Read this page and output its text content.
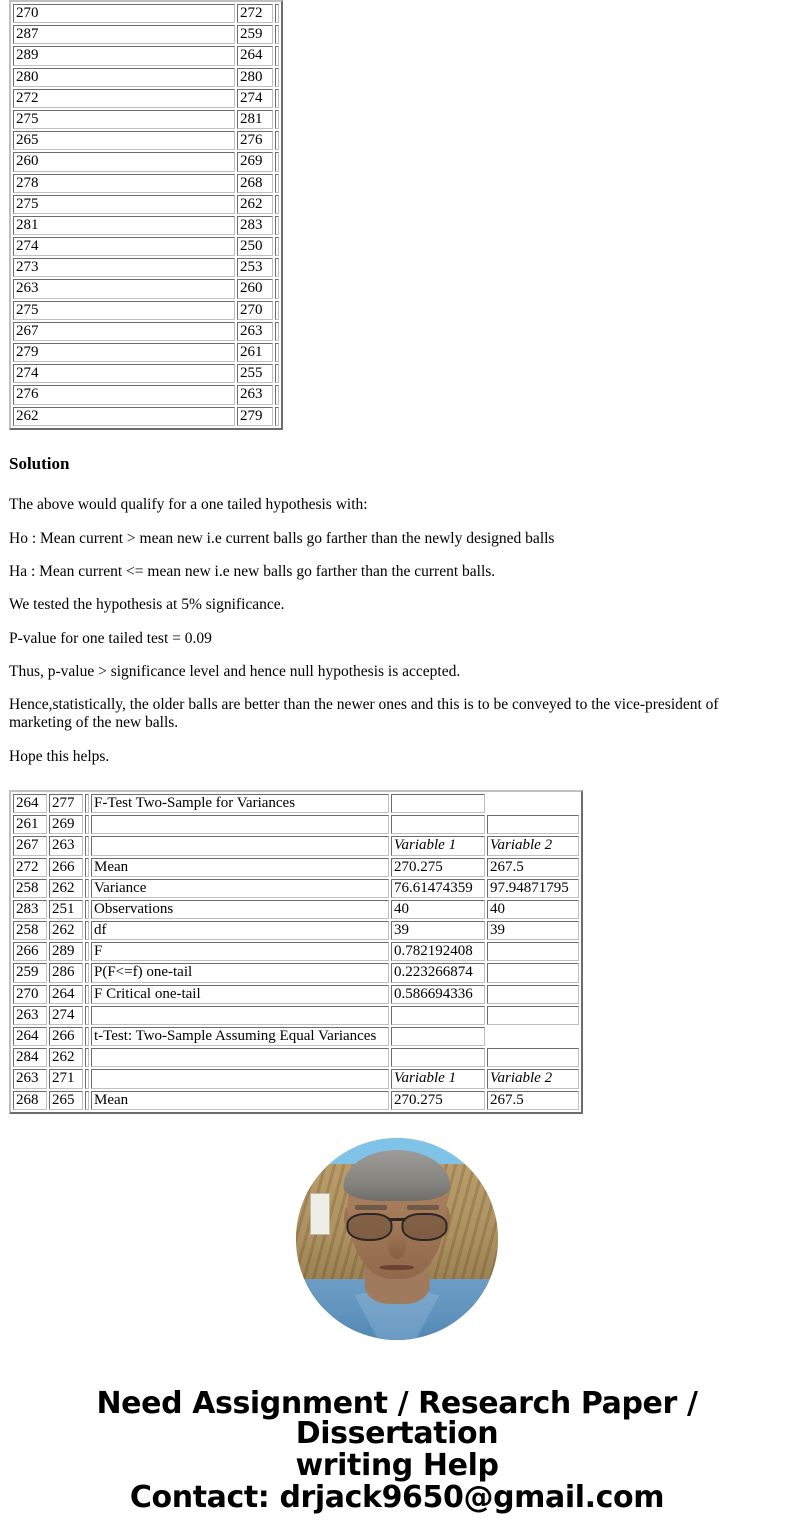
270	272	
287	259	
289	264	
280	280	
272	274	
275	281	
265	276	
260	269	
278	268	
275	262	
281	283	
274	250	
273	253	
263	260	
275	270	
267	263	
279	261	
274	255	
276	263	
262	279	
Solution

The above would qualify for a one tailed hypothesis with:

Ho : Mean current > mean new i.e current balls go farther than the newly designed balls

Ha : Mean current <= mean new i.e new balls go farther than the current balls.

We tested the hypothesis at 5% significance.

P-value for one tailed test = 0.09

Thus, p-value > significance level and hence null hypothesis is accepted.

Hence,statistically, the older balls are better than the newer ones and this is to be conveyed to the vice-president of marketing of the new balls.

Hope this helps.

264	277		F-Test Two-Sample for Variances		
261	269				
267	263			Variable 1	Variable 2
272	266		Mean	270.275	267.5
258	262		Variance	76.61474359	97.94871795
283	251		Observations	40	40
258	262		df	39	39
266	289		F	0.782192408	
259	286		P(F<=f) one-tail	0.223266874	
270	264		F Critical one-tail	0.586694336	
263	274				
264	266		t-Test: Two-Sample Assuming Equal Variances		
284	262				
263	271			Variable 1	Variable 2
268	265		Mean	270.275	267.5
Need Assignment / Research Paper / Dissertation
writing Help
Contact: drjack9650@gmail.com
